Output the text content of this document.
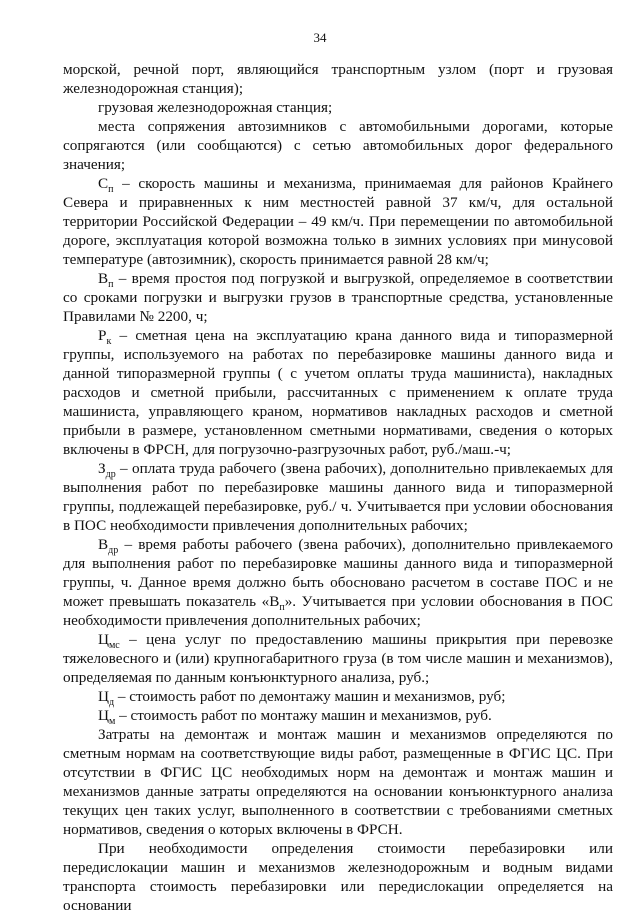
34

морской, речной порт, являющийся транспортным узлом (порт и грузовая железнодорожная станция);

грузовая железнодорожная станция;

места сопряжения автозимников с автомобильными дорогами, которые сопрягаются (или сообщаются) с сетью автомобильных дорог федерального значения;

$С_п$ – скорость машины и механизма, принимаемая для районов Крайнего Севера и приравненных к ним местностей равной 37 км/ч, для остальной территории Российской Федерации – 49 км/ч. При перемещении по автомобильной дороге, эксплуатация которой возможна только в зимних условиях при минусовой температуре (автозимник), скорость принимается равной 28 км/ч;

$В_п$ – время простоя под погрузкой и выгрузкой, определяемое в соответствии со сроками погрузки и выгрузки грузов в транспортные средства, установленные Правилами № 2200, ч;

$Р_к$ – сметная цена на эксплуатацию крана данного вида и типоразмерной группы, используемого на работах по перебазировке машины данного вида и данной типоразмерной группы ( с учетом оплаты труда машиниста), накладных расходов и сметной прибыли, рассчитанных с применением к оплате труда машиниста, управляющего краном, нормативов накладных расходов и сметной прибыли в размере, установленном сметными нормативами, сведения о которых включены в ФРСН, для погрузочно-разгрузочных работ, руб./маш.-ч;

$З_{др}$ – оплата труда рабочего (звена рабочих), дополнительно привлекаемых для выполнения работ по перебазировке машины данного вида и типоразмерной группы, подлежащей перебазировке, руб./ ч. Учитывается при условии обоснования в ПОС необходимости привлечения дополнительных рабочих;

$В_{др}$ – время работы рабочего (звена рабочих), дополнительно привлекаемого для выполнения работ по перебазировке машины данного вида и типоразмерной группы, ч. Данное время должно быть обосновано расчетом в составе ПОС и не может превышать показатель «$В_п$». Учитывается при условии обоснования в ПОС необходимости привлечения дополнительных рабочих;

$Ц_{мс}$ – цена услуг по предоставлению машины прикрытия при перевозке тяжеловесного и (или) крупногабаритного груза (в том числе машин и механизмов), определяемая по данным конъюнктурного анализа, руб.;

$Ц_д$ – стоимость работ по демонтажу машин и механизмов, руб;

$Ц_м$ – стоимость работ по монтажу машин и механизмов, руб.

Затраты на демонтаж и монтаж машин и механизмов определяются по сметным нормам на соответствующие виды работ, размещенные в ФГИС ЦС. При отсутствии в ФГИС ЦС необходимых норм на демонтаж и монтаж машин и механизмов данные затраты определяются на основании конъюнктурного анализа текущих цен таких услуг, выполненного в соответствии с требованиями сметных нормативов, сведения о которых включены в ФРСН.

При необходимости определения стоимости перебазировки или передислокации машин и механизмов железнодорожным и водным видами транспорта стоимость перебазировки или передислокации определяется на основании
